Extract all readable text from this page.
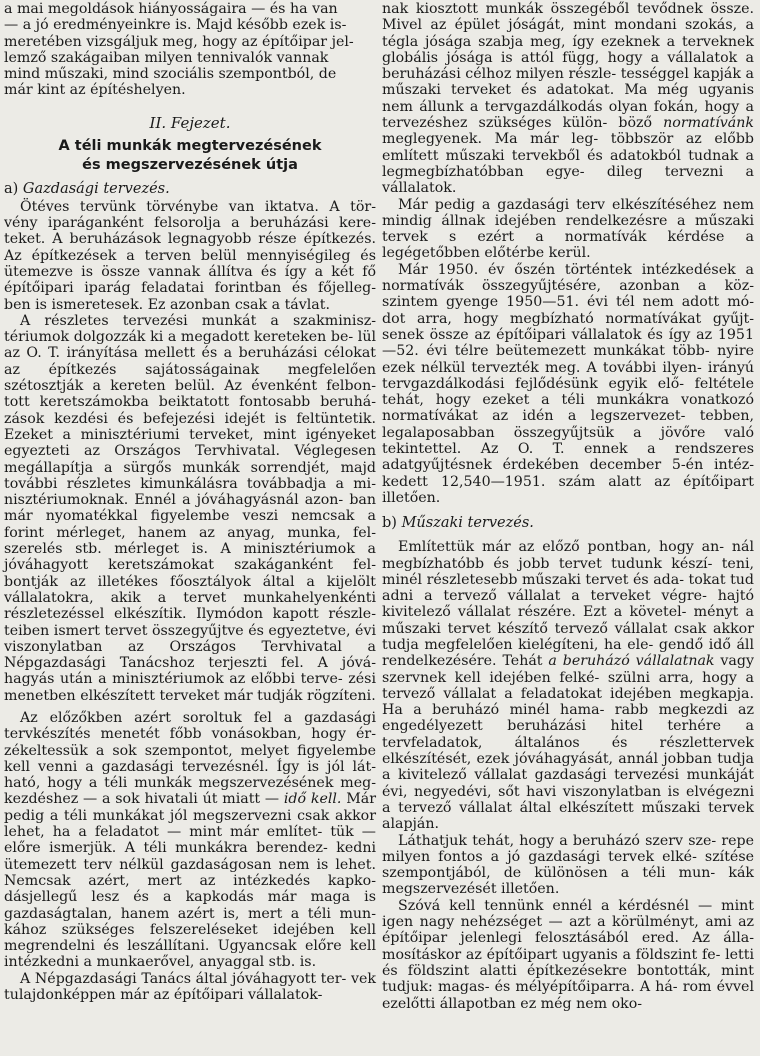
a mai megoldások hiányosságaira — és ha van
— a jó eredményeinkre is. Majd később ezek is-
meretében vizsgáljuk meg, hogy az építőipar jel-
lemző szakágaiban milyen tennivalók vannak
mind műszaki, mind szociális szempontból, de
már kint az építéshelyen.

II. Fejezet.
A téli munkák megtervezésének
és megszervezésének útja
a) Gazdasági tervezés.

Ötéves tervünk törvénybe van iktatva. A tör- vény iparáganként felsorolja a beruházási kere- teket. A beruházások legnagyobb része építkezés. Az építkezések a terven belül mennyiségileg és ütemezve is össze vannak állítva és így a két fő építőipari iparág feladatai forintban és főjelleg- ben is ismeretesek. Ez azonban csak a távlat.

A részletes tervezési munkát a szakminisz- tériumok dolgozzák ki a megadott kereteken be- lül az O. T. irányítása mellett és a beruházási célokat az építkezés sajátosságainak megfelelően szétosztják a kereten belül. Az évenként felbon- tott keretszámokba beiktatott fontosabb beruhá- zások kezdési és befejezési idejét is feltüntetik. Ezeket a minisztériumi terveket, mint igényeket egyezteti az Országos Tervhivatal. Véglegesen megállapítja a sürgős munkák sorrendjét, majd további részletes kimunkálásra továbbadja a mi- nisztériumoknak. Ennél a jóváhagyásnál azon- ban már nyomatékkal figyelembe veszi nemcsak a forint mérleget, hanem az anyag, munka, fel- szerelés stb. mérleget is. A minisztériumok a jóváhagyott keretszámokat szakáganként fel- bontják az illetékes főosztályok által a kijelölt vállalatokra, akik a tervet munkahelyenkénti részletezéssel elkészítik. Ilymódon kapott részle- teiben ismert tervet összegyűjtve és egyeztetve, évi viszonylatban az Országos Tervhivatal a Népgazdasági Tanácshoz terjeszti fel. A jóvá- hagyás után a minisztériumok az előbbi terve- zési menetben elkészített terveket már tudják rögzíteni.

Az előzőkben azért soroltuk fel a gazdasági tervkészítés menetét főbb vonásokban, hogy ér- zékeltessük a sok szempontot, melyet figyelembe kell venni a gazdasági tervezésnél. Így is jól lát- ható, hogy a téli munkák megszervezésének meg- kezdéshez — a sok hivatali út miatt — idő kell. Már pedig a téli munkákat jól megszervezni csak akkor lehet, ha a feladatot — mint már említet- tük — előre ismerjük. A téli munkákra berendez- kedni ütemezett terv nélkül gazdaságosan nem is lehet. Nemcsak azért, mert az intézkedés kapko- dásjellegű lesz és a kapkodás már maga is gazdaságtalan, hanem azért is, mert a téli mun- kához szükséges felszereléseket idejében kell megrendelni és leszállítani. Ugyancsak előre kell intézkedni a munkaerővel, anyaggal stb. is.

A Népgazdasági Tanács által jóváhagyott ter- vek tulajdonképpen már az építőipari vállalatok-

nak kiosztott munkák összegéből tevődnek össze. Mivel az épület jóságát, mint mondani szokás, a tégla jósága szabja meg, így ezeknek a terveknek globális jósága is attól függ, hogy a vállalatok a beruházási célhoz milyen részle- tességgel kapják a műszaki terveket és adatokat. Ma még ugyanis nem állunk a tervgazdálkodás olyan fokán, hogy a tervezéshez szükséges külön- böző normatívánk meglegyenek. Ma már leg- többször az előbb említett műszaki tervekből és adatokból tudnak a legmegbízhatóbban egye- dileg tervezni a vállalatok.

Már pedig a gazdasági terv elkészítéséhez nem mindig állnak idejében rendelkezésre a műszaki tervek s ezért a normatívák kérdése a legégetőbben előtérbe kerül.

Már 1950. év őszén történtek intézkedések a normatívák összegyűjtésére, azonban a köz- szintem gyenge 1950—51. évi tél nem adott mó- dot arra, hogy megbízható normatívákat gyűjt- senek össze az építőipari vállalatok és így az 1951—52. évi télre beütemezett munkákat több- nyire ezek nélkül tervezték meg. A további ilyen- irányú tervgazdálkodási fejlődésünk egyik elő- feltétele tehát, hogy ezeket a téli munkákra vonatkozó normatívákat az idén a legszervezet- tebben, legalaposabban összegyűjtsük a jövőre való tekintettel. Az O. T. ennek a rendszeres adatgyűjtésnek érdekében december 5-én intéz- kedett 12,540—1951. szám alatt az építőipart illetően.

b) Műszaki tervezés.

Említettük már az előző pontban, hogy an- nál megbízhatóbb és jobb tervet tudunk készí- teni, minél részletesebb műszaki tervet és ada- tokat tud adni a tervező vállalat a terveket végre- hajtó kivitelező vállalat részére. Ezt a követel- ményt a műszaki tervet készítő tervező vállalat csak akkor tudja megfelelően kielégíteni, ha ele- gendő idő áll rendelkezésére. Tehát a beruházó vállalatnak vagy szervnek kell idejében felké- szülni arra, hogy a tervező vállalat a feladatokat idejében megkapja. Ha a beruházó minél hama- rabb megkezdi az engedélyezett beruházási hitel terhére a tervfeladatok, általános és részlettervek elkészítését, ezek jóváhagyását, annál jobban tudja a kivitelező vállalat gazdasági tervezési munkáját évi, negyedévi, sőt havi viszonylatban is elvégezni a tervező vállalat által elkészített műszaki tervek alapján.

Láthatjuk tehát, hogy a beruházó szerv sze- repe milyen fontos a jó gazdasági tervek elké- szítése szempontjából, de különösen a téli mun- kák megszervezését illetően.

Szóvá kell tennünk ennél a kérdésnél — mint igen nagy nehézséget — azt a körülményt, ami az építőipar jelenlegi felosztásából ered. Az álla- mosításkor az építőipart ugyanis a földszint fe- letti és földszint alatti építkezésekre bontották, mint tudjuk: magas- és mélyépítőiparra. A há- rom évvel ezelőtti állapotban ez még nem oko-
